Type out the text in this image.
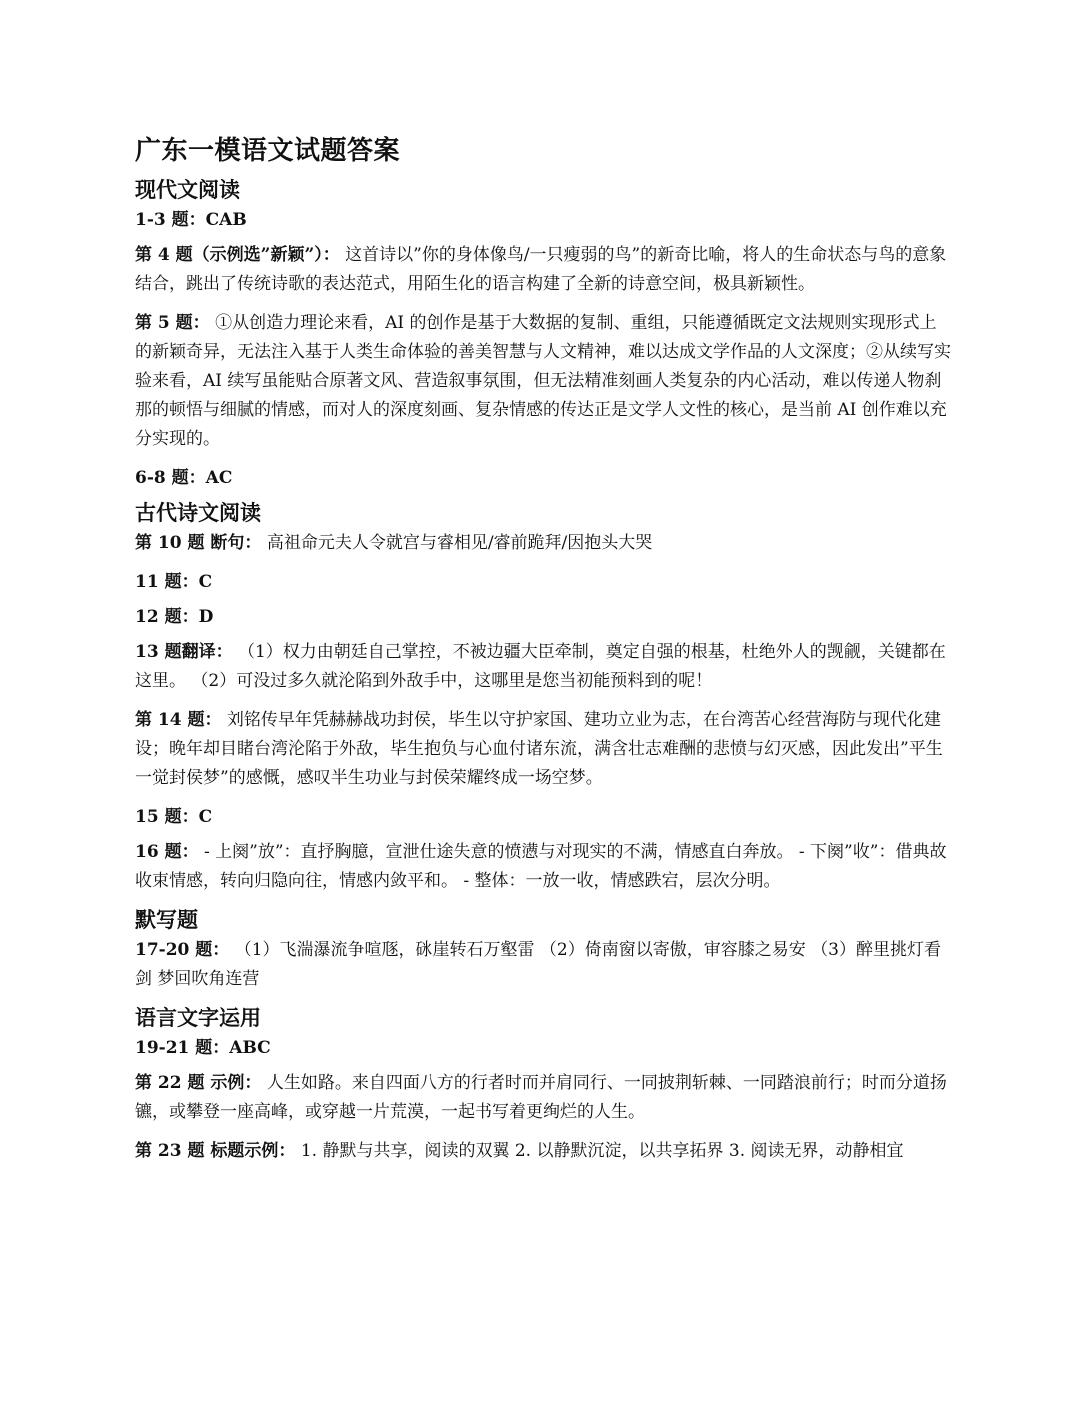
广东一模语文试题答案
现代文阅读
1-3 题：CAB
第 4 题（示例选”新颖”）： 这首诗以”你的身体像鸟/一只瘦弱的鸟”的新奇比喻，将人的生命状态与鸟的意象结合，跳出了传统诗歌的表达范式，用陌生化的语言构建了全新的诗意空间，极具新颖性。
第 5 题： ①从创造力理论来看，AI 的创作是基于大数据的复制、重组，只能遵循既定文法规则实现形式上的新颖奇异，无法注入基于人类生命体验的善美智慧与人文精神，难以达成文学作品的人文深度；②从续写实验来看，AI 续写虽能贴合原著文风、营造叙事氛围，但无法精准刻画人类复杂的内心活动，难以传递人物刹那的顿悟与细腻的情感，而对人的深度刻画、复杂情感的传达正是文学人文性的核心，是当前 AI 创作难以充分实现的。
6-8 题：AC
古代诗文阅读
第 10 题 断句： 高祖命元夫人令就宫与睿相见/睿前跪拜/因抱头大哭
11 题：C
12 题：D
13 题翻译： （1）权力由朝廷自己掌控，不被边疆大臣牵制，奠定自强的根基，杜绝外人的觊觎，关键都在这里。 （2）可没过多久就沦陷到外敌手中，这哪里是您当初能预料到的呢！
第 14 题： 刘铭传早年凭赫赫战功封侯，毕生以守护家国、建功立业为志，在台湾苦心经营海防与现代化建设；晚年却目睹台湾沦陷于外敌，毕生抱负与心血付诸东流，满含壮志难酬的悲愤与幻灭感，因此发出”平生一觉封侯梦”的感慨，感叹半生功业与封侯荣耀终成一场空梦。
15 题：C
16 题： - 上阕”放”：直抒胸臆，宣泄仕途失意的愤懑与对现实的不满，情感直白奔放。 - 下阕”收”：借典故收束情感，转向归隐向往，情感内敛平和。 - 整体：一放一收，情感跌宕，层次分明。
默写题
17-20 题： （1）飞湍瀑流争喧豗，砯崖转石万壑雷 （2）倚南窗以寄傲，审容膝之易安 （3）醉里挑灯看剑 梦回吹角连营
语言文字运用
19-21 题：ABC
第 22 题 示例： 人生如路。来自四面八方的行者时而并肩同行、一同披荆斩棘、一同踏浪前行；时而分道扬镳，或攀登一座高峰，或穿越一片荒漠，一起书写着更绚烂的人生。
第 23 题 标题示例： 1. 静默与共享，阅读的双翼 2. 以静默沉淀，以共享拓界 3. 阅读无界，动静相宜
